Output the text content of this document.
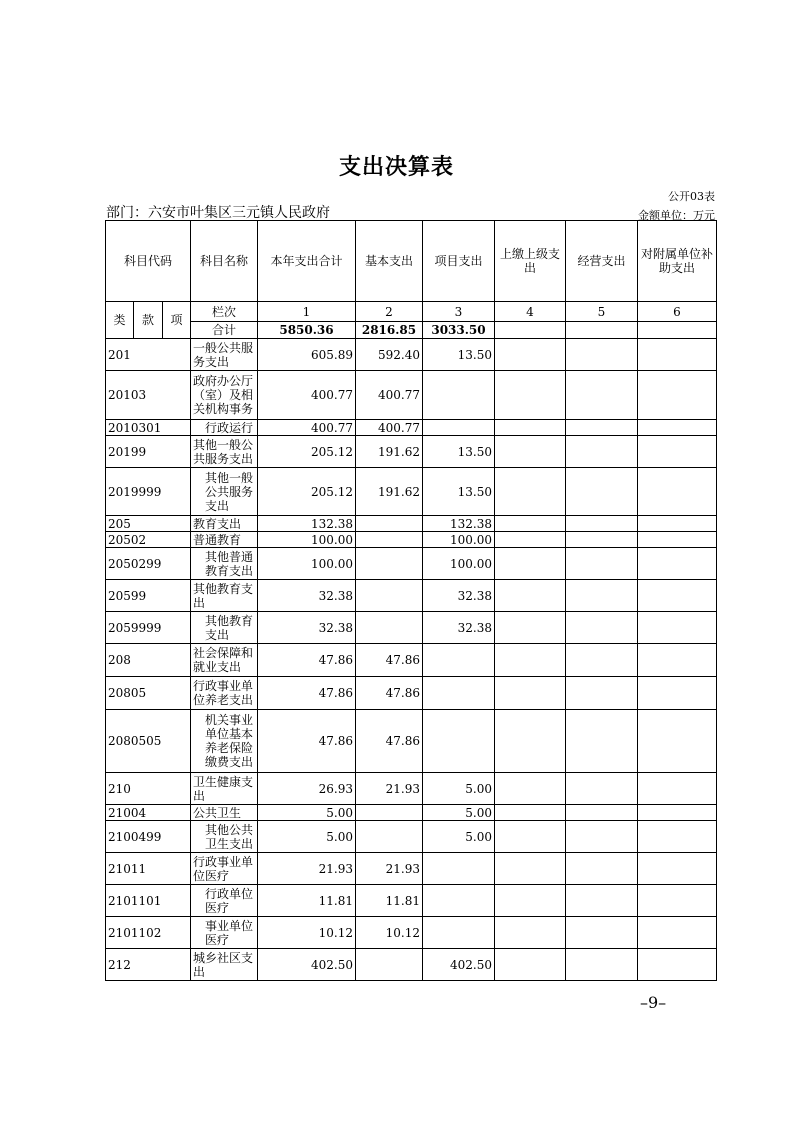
支出决算表
公开03表
部门：六安市叶集区三元镇人民政府	金额单位：万元
科目代码			科目名称	本年支出合计	基本支出	项目支出	上缴上级支出	经营支出	对附属单位补助支出
类	款	项	栏次	1	2	3	4	5	6
			合计	5850.36	2816.85	3033.50			
201			一般公共服务支出	605.89	592.40	13.50			
20103			政府办公厅（室）及相关机构事务	400.77	400.77				
2010301			行政运行	400.77	400.77				
20199			其他一般公共服务支出	205.12	191.62	13.50			
2019999			其他一般公共服务支出	205.12	191.62	13.50			
205			教育支出	132.38		132.38			
20502			普通教育	100.00		100.00			
2050299			其他普通教育支出	100.00		100.00			
20599			其他教育支出	32.38		32.38			
2059999			其他教育支出	32.38		32.38			
208			社会保障和就业支出	47.86	47.86				
20805			行政事业单位养老支出	47.86	47.86				
2080505			机关事业单位基本养老保险缴费支出	47.86	47.86				
210			卫生健康支出	26.93	21.93	5.00			
21004			公共卫生	5.00		5.00			
2100499			其他公共卫生支出	5.00		5.00			
21011			行政事业单位医疗	21.93	21.93				
2101101			行政单位医疗	11.81	11.81				
2101102			事业单位医疗	10.12	10.12				
212			城乡社区支出	402.50		402.50			
–9–
